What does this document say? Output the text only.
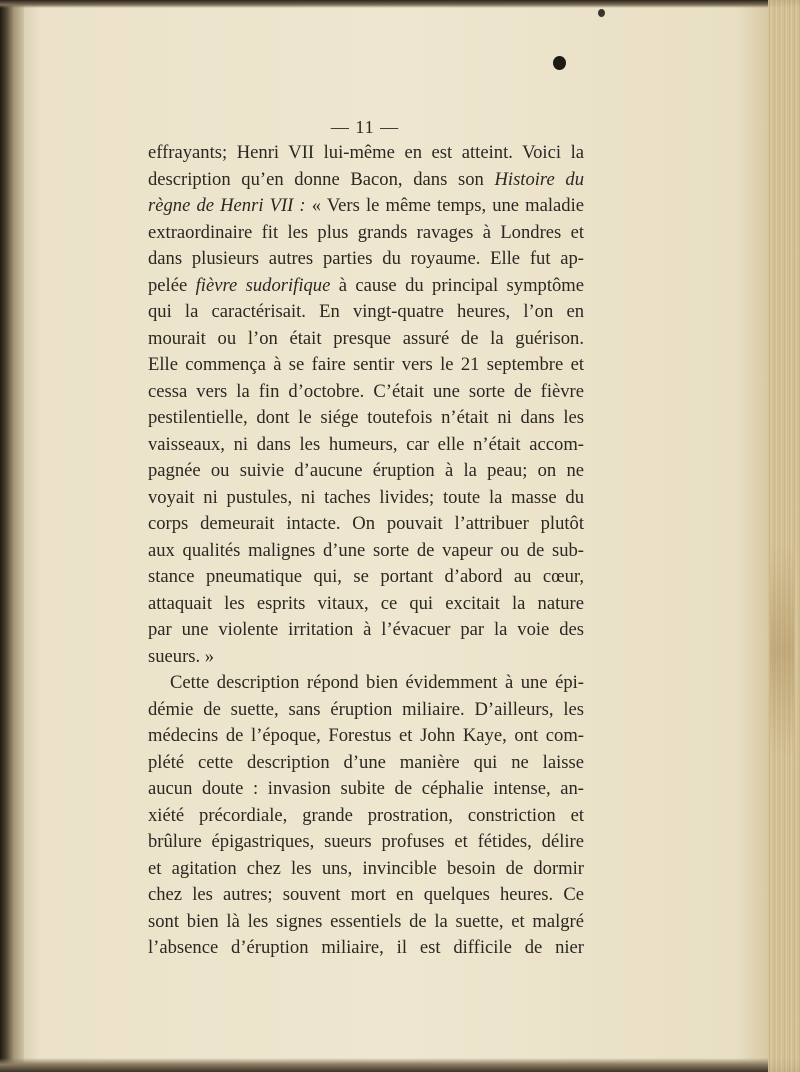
— 11 —
effrayants; Henri VII lui-même en est atteint. Voici la
description qu’en donne Bacon, dans son Histoire du
règne de Henri VII : « Vers le même temps, une maladie
extraordinaire fit les plus grands ravages à Londres et
dans plusieurs autres parties du royaume. Elle fut ap-
pelée fièvre sudorifique à cause du principal symptôme
qui la caractérisait. En vingt-quatre heures, l’on en
mourait ou l’on était presque assuré de la guérison.
Elle commença à se faire sentir vers le 21 septembre et
cessa vers la fin d’octobre. C’était une sorte de fièvre
pestilentielle, dont le siége toutefois n’était ni dans les
vaisseaux, ni dans les humeurs, car elle n’était accom-
pagnée ou suivie d’aucune éruption à la peau; on ne
voyait ni pustules, ni taches livides; toute la masse du
corps demeurait intacte. On pouvait l’attribuer plutôt
aux qualités malignes d’une sorte de vapeur ou de sub-
stance pneumatique qui, se portant d’abord au cœur,
attaquait les esprits vitaux, ce qui excitait la nature
par une violente irritation à l’évacuer par la voie des
sueurs. »
Cette description répond bien évidemment à une épi-
démie de suette, sans éruption miliaire. D’ailleurs, les
médecins de l’époque, Forestus et John Kaye, ont com-
plété cette description d’une manière qui ne laisse
aucun doute : invasion subite de céphalie intense, an-
xiété précordiale, grande prostration, constriction et
brûlure épigastriques, sueurs profuses et fétides, délire
et agitation chez les uns, invincible besoin de dormir
chez les autres; souvent mort en quelques heures. Ce
sont bien là les signes essentiels de la suette, et malgré
l’absence d’éruption miliaire, il est difficile de nier
